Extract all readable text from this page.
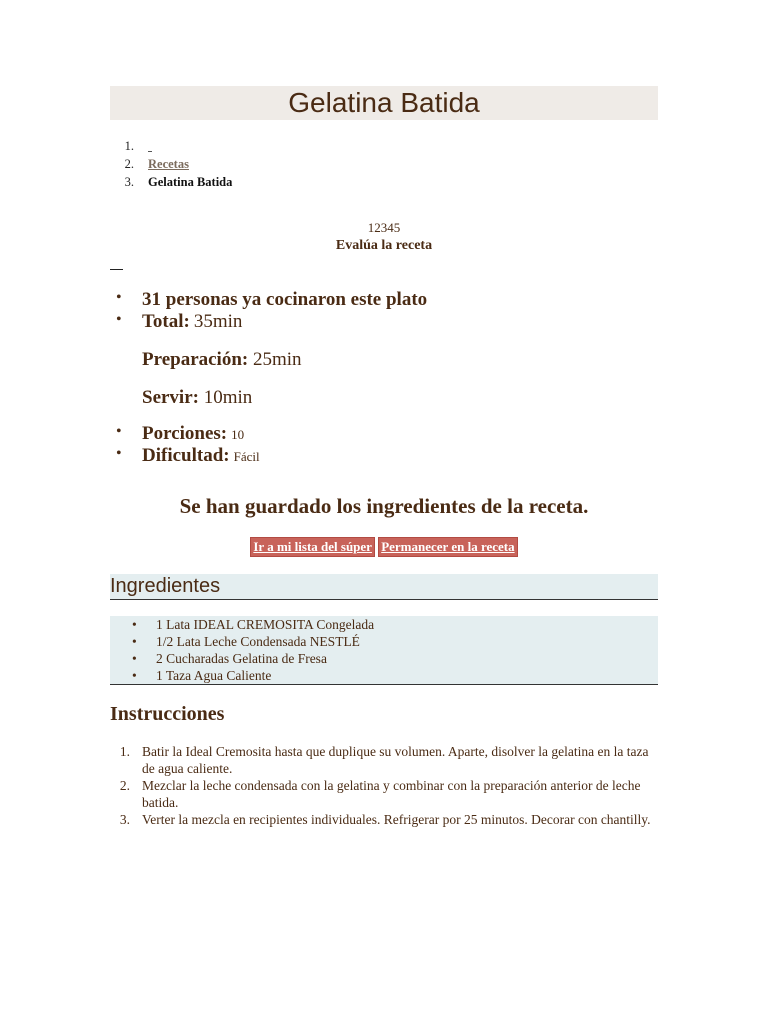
Gelatina Batida
1.
2. Recetas
3. Gelatina Batida
12345
Evalúa la receta
• 31 personas ya cocinaron este plato
• Total: 35min
Preparación: 25min
Servir: 10min
• Porciones: 10
• Dificultad: Fácil
Se han guardado los ingredientes de la receta.
Ir a mi lista del súper Permanecer en la receta
Ingredientes
• 1 Lata IDEAL CREMOSITA Congelada
• 1/2 Lata Leche Condensada NESTLÉ
• 2 Cucharadas Gelatina de Fresa
• 1 Taza Agua Caliente
Instrucciones
1. Batir la Ideal Cremosita hasta que duplique su volumen. Aparte, disolver la gelatina en la taza de agua caliente.
2. Mezclar la leche condensada con la gelatina y combinar con la preparación anterior de leche batida.
3. Verter la mezcla en recipientes individuales. Refrigerar por 25 minutos. Decorar con chantilly.
